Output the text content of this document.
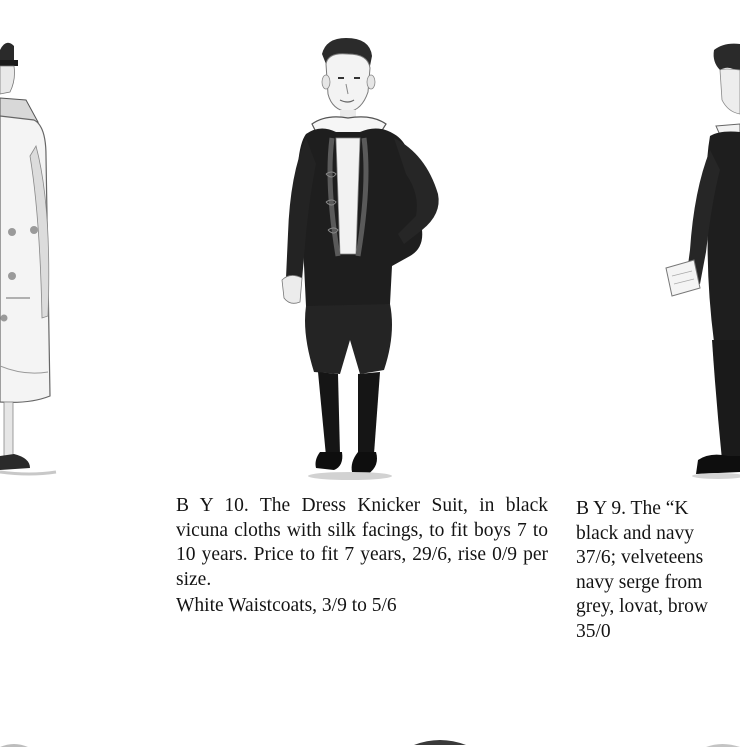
B Y 10. The Dress Knicker Suit, in black vicuna cloths with silk facings, to fit boys 7 to 10 years. Price to fit 7 years, 29/6, rise 0/9 per size.
White Waistcoats, 3/9 to 5/6
B Y 9. The “K
black and navy
37/6; velveteens
navy serge from
grey, lovat, brow
35/0
